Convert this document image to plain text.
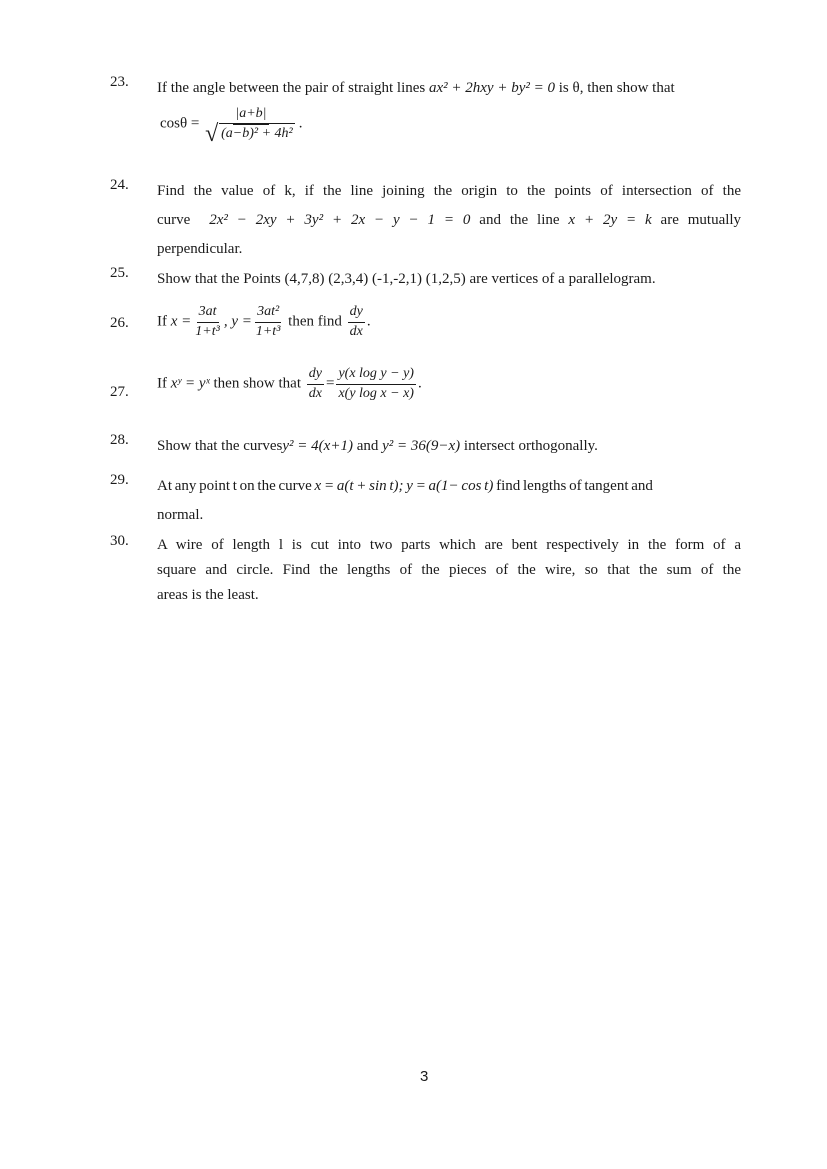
23. If the angle between the pair of straight lines ax² + 2hxy + by² = 0 is θ, then show that
cosθ = |a+b|
√ (a−b)² + 4h² .
24. Find the value of k, if the line joining the origin to the points of intersection of the
curve 2x² − 2xy + 3y² + 2x − y − 1 = 0 and the line x + 2y = k are mutually
perpendicular.
25. Show that the Points (4,7,8) (2,3,4) (-1,-2,1) (1,2,5) are vertices of a parallelogram.
26. If $x = \frac{3at}{\text{1+t³}}$ , $y = \frac{\text{3at²}}{\text{1+t³}}$ then find $\frac{dy}{dx}$ .
27.
If xʸ = yˣ then show that $\frac{dy}{dx} = \frac{\text{y(x log y − y)}}{\text{x(y log x − x)}}$ .
28. Show that the curvesy² = 4(x+1) and y² = 36(9−x) intersect orthogonally.
29. At any point t on the curve x = a(t + sin t); y = a(1− cos t) find lengths of tangent and
normal.
30. A wire of length l is cut into two parts which are bent respectively in the form of a
square and circle. Find the lengths of the pieces of the wire, so that the sum of the
areas is the least.
3
